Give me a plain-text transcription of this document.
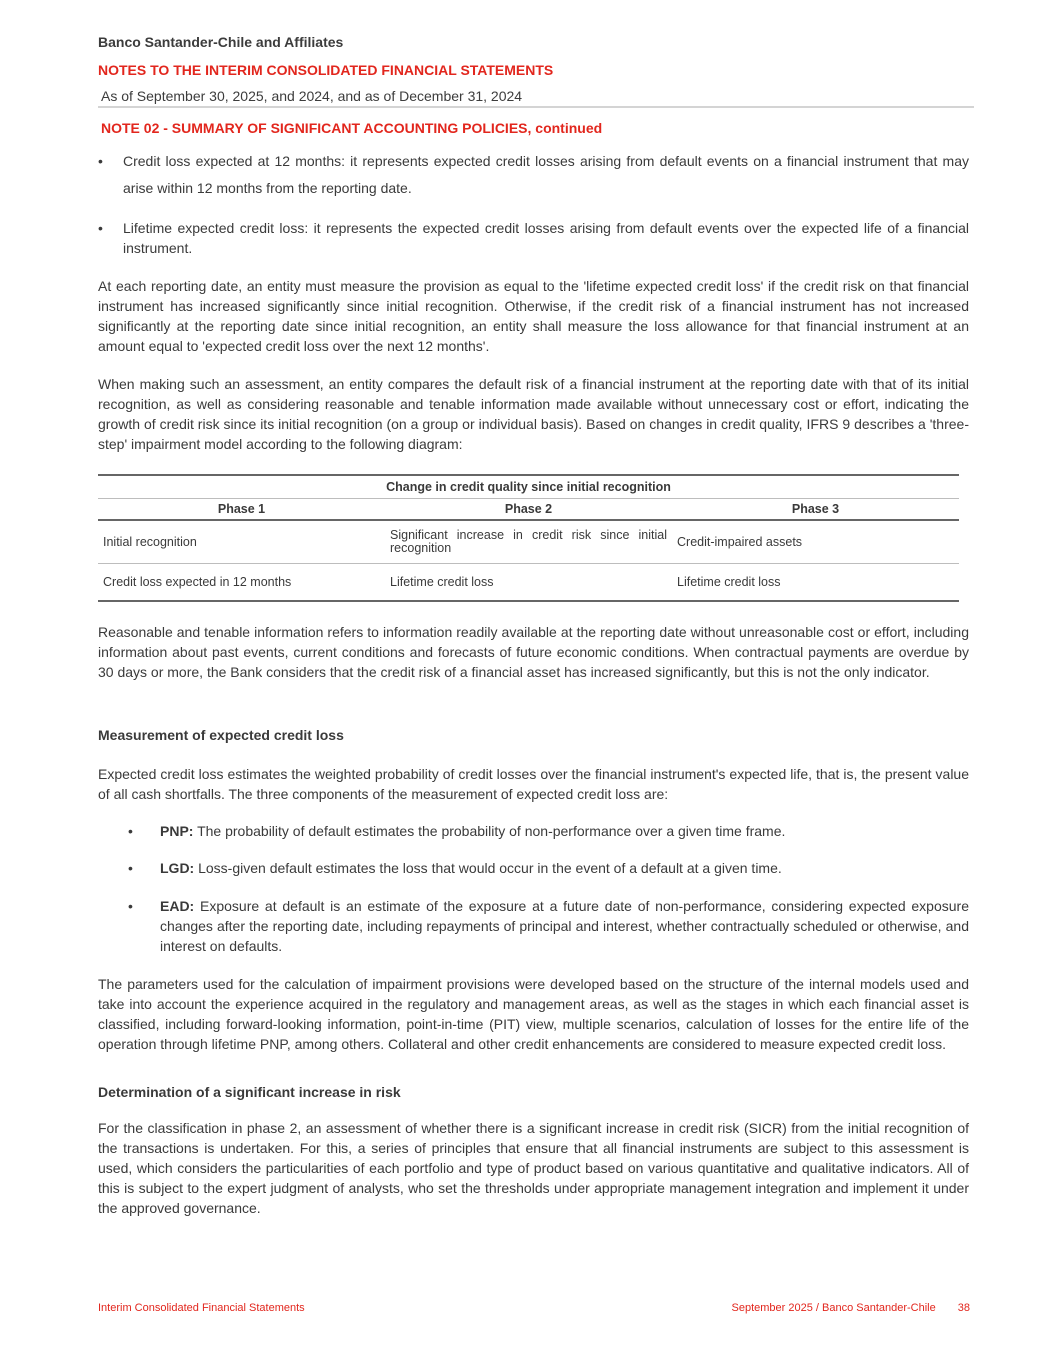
Banco Santander-Chile and Affiliates
NOTES TO THE INTERIM CONSOLIDATED FINANCIAL STATEMENTS
As of September 30, 2025, and 2024, and as of December 31, 2024
NOTE 02 - SUMMARY OF SIGNIFICANT ACCOUNTING POLICIES, continued
• Credit loss expected at 12 months: it represents expected credit losses arising from default events on a financial instrument that may arise within 12 months from the reporting date.
• Lifetime expected credit loss: it represents the expected credit losses arising from default events over the expected life of a financial instrument.
At each reporting date, an entity must measure the provision as equal to the 'lifetime expected credit loss' if the credit risk on that financial instrument has increased significantly since initial recognition. Otherwise, if the credit risk of a financial instrument has not increased significantly at the reporting date since initial recognition, an entity shall measure the loss allowance for that financial instrument at an amount equal to 'expected credit loss over the next 12 months'.
When making such an assessment, an entity compares the default risk of a financial instrument at the reporting date with that of its initial recognition, as well as considering reasonable and tenable information made available without unnecessary cost or effort, indicating the growth of credit risk since its initial recognition (on a group or individual basis). Based on changes in credit quality, IFRS 9 describes a 'three-step' impairment model according to the following diagram:
Change in credit quality since initial recognition
Phase 1	Phase 2	Phase 3
Initial recognition	Significant increase in credit risk since initial recognition	Credit-impaired assets
Credit loss expected in 12 months	Lifetime credit loss	Lifetime credit loss
Reasonable and tenable information refers to information readily available at the reporting date without unreasonable cost or effort, including information about past events, current conditions and forecasts of future economic conditions. When contractual payments are overdue by 30 days or more, the Bank considers that the credit risk of a financial asset has increased significantly, but this is not the only indicator.
Measurement of expected credit loss
Expected credit loss estimates the weighted probability of credit losses over the financial instrument's expected life, that is, the present value of all cash shortfalls. The three components of the measurement of expected credit loss are:
• PNP: The probability of default estimates the probability of non-performance over a given time frame.
• LGD: Loss-given default estimates the loss that would occur in the event of a default at a given time.
• EAD: Exposure at default is an estimate of the exposure at a future date of non-performance, considering expected exposure changes after the reporting date, including repayments of principal and interest, whether contractually scheduled or otherwise, and interest on defaults.
The parameters used for the calculation of impairment provisions were developed based on the structure of the internal models used and take into account the experience acquired in the regulatory and management areas, as well as the stages in which each financial asset is classified, including forward-looking information, point-in-time (PIT) view, multiple scenarios, calculation of losses for the entire life of the operation through lifetime PNP, among others. Collateral and other credit enhancements are considered to measure expected credit loss.
Determination of a significant increase in risk
For the classification in phase 2, an assessment of whether there is a significant increase in credit risk (SICR) from the initial recognition of the transactions is undertaken. For this, a series of principles that ensure that all financial instruments are subject to this assessment is used, which considers the particularities of each portfolio and type of product based on various quantitative and qualitative indicators. All of this is subject to the expert judgment of analysts, who set the thresholds under appropriate management integration and implement it under the approved governance.
Interim Consolidated Financial Statements	September 2025 / Banco Santander-Chile 38
